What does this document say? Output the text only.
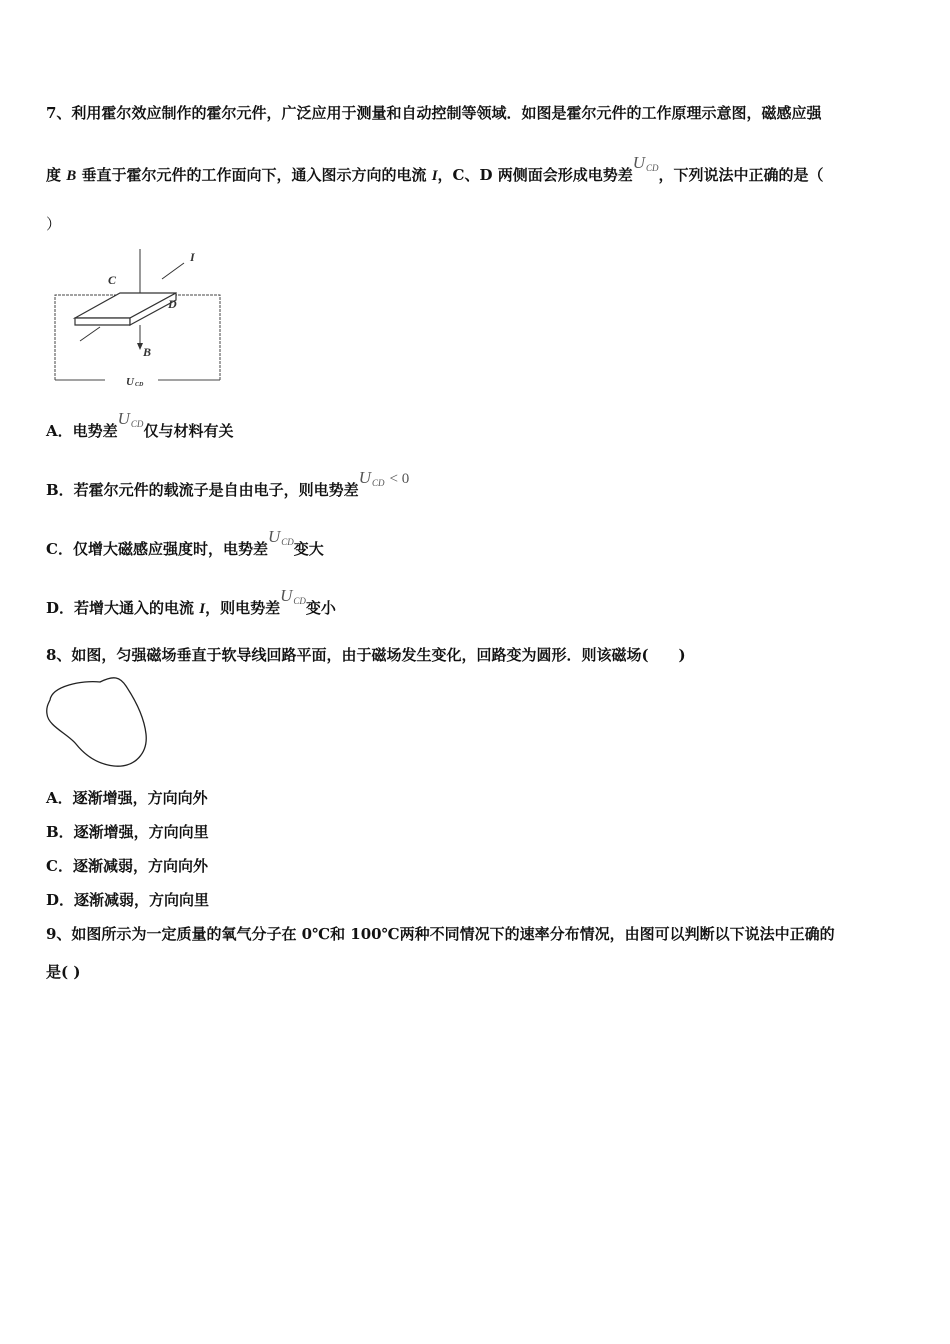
7、利用霍尔效应制作的霍尔元件，广泛应用于测量和自动控制等领域．如图是霍尔元件的工作原理示意图，磁感应强
度 B 垂直于霍尔元件的工作面向下，通入图示方向的电流 I，C、D 两侧面会形成电势差$U_{CD}$，下列说法中正确的是（
）
C
D
I
B
U CD
A．电势差$U_{CD}$仅与材料有关
B．若霍尔元件的载流子是自由电子，则电势差$U_{CD} < 0$
C．仅增大磁感应强度时，电势差$U_{CD}$变大
D．若增大通入的电流 I，则电势差$U_{CD}$变小
8、如图，匀强磁场垂直于软导线回路平面，由于磁场发生变化，回路变为圆形．则该磁场(　　)
A．逐渐增强，方向向外
B．逐渐增强，方向向里
C．逐渐减弱，方向向外
D．逐渐减弱，方向向里
9、如图所示为一定质量的氧气分子在 0℃和 100℃两种不同情况下的速率分布情况，由图可以判断以下说法中正确的
是( )
